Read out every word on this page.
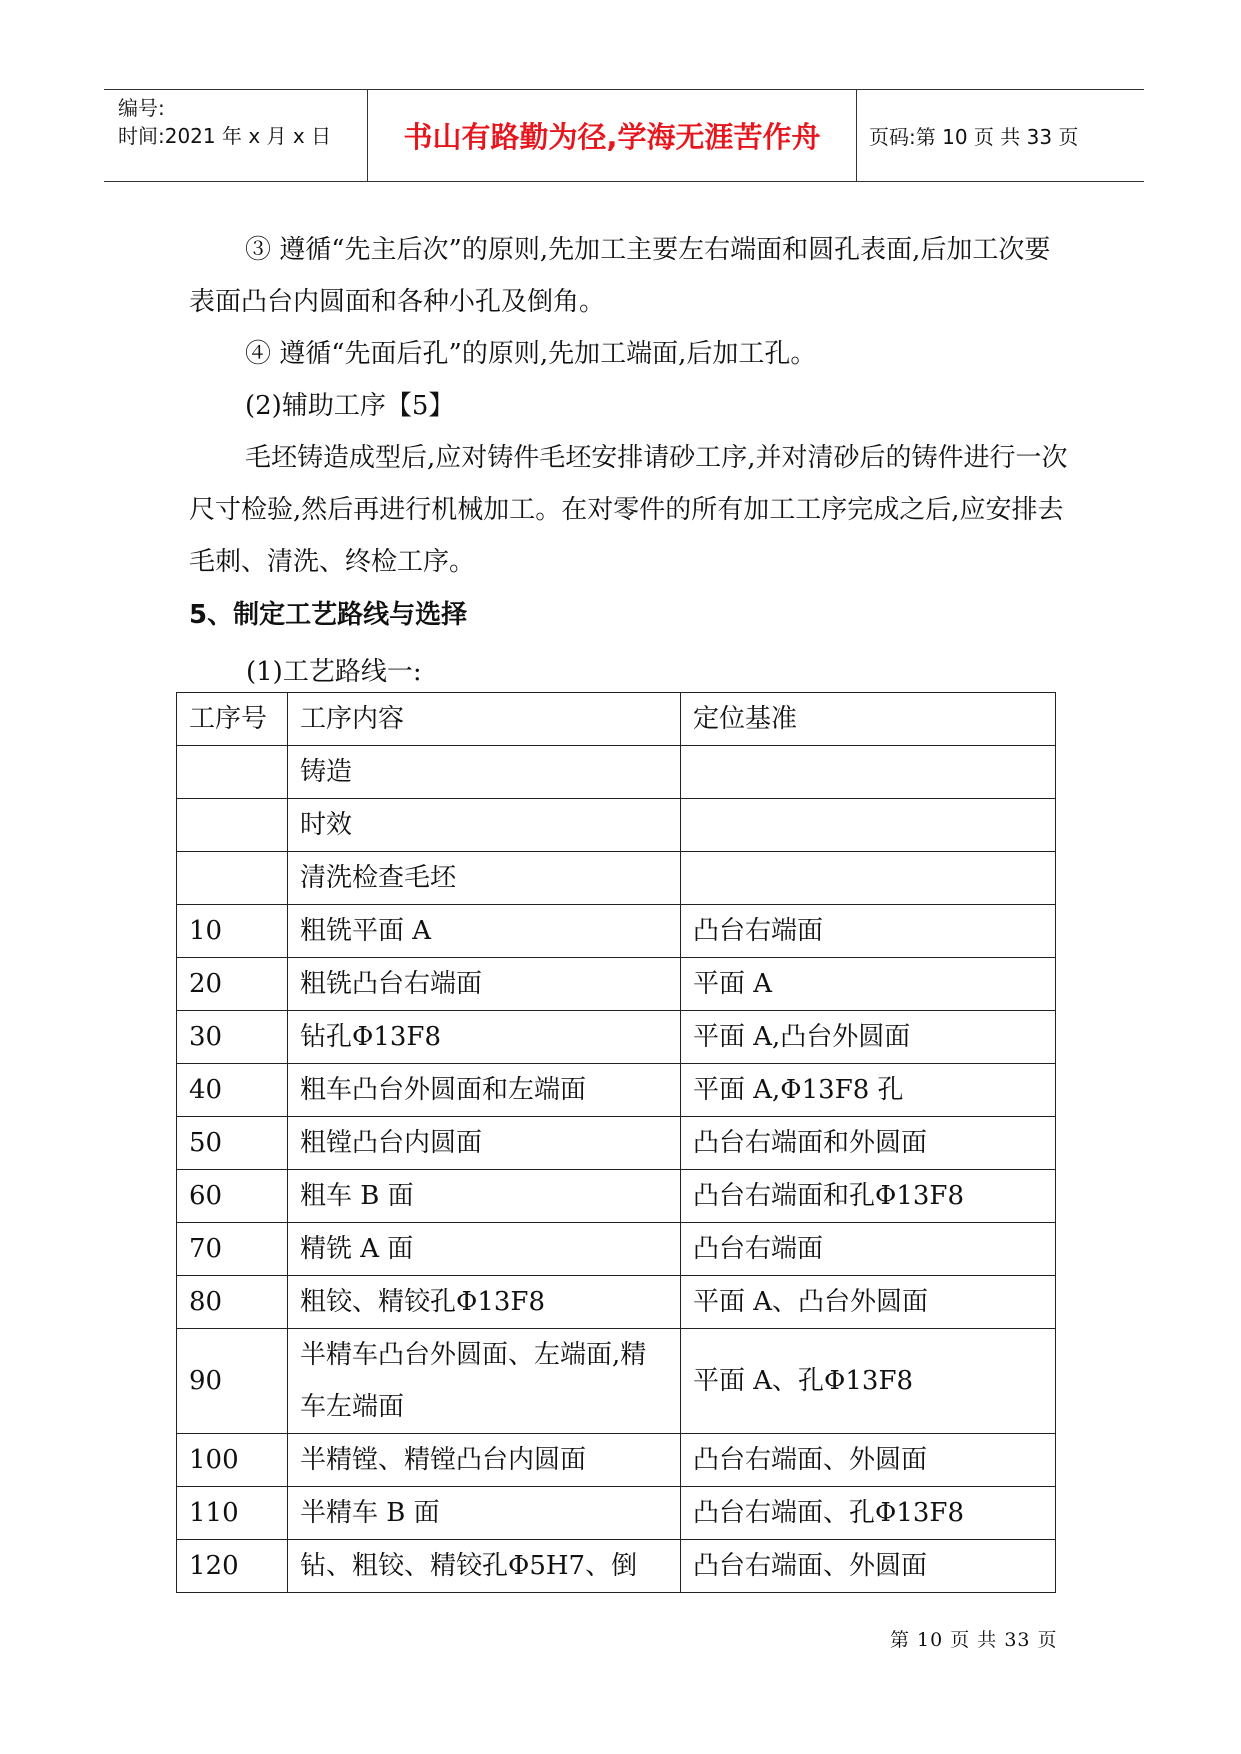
编号:
时间:2021 年 x 月 x 日	书山有路勤为径,学海无涯苦作舟	页码:第 10 页 共 33 页

③ 遵循“先主后次”的原则,先加工主要左右端面和圆孔表面,后加工次要表面凸台内圆面和各种小孔及倒角。

④ 遵循“先面后孔”的原则,先加工端面,后加工孔。

(2)辅助工序【5】

毛坯铸造成型后,应对铸件毛坯安排请砂工序,并对清砂后的铸件进行一次尺寸检验,然后再进行机械加工。在对零件的所有加工工序完成之后,应安排去毛刺、清洗、终检工序。

5、制定工艺路线与选择

(1)工艺路线一:

工序号	工序内容	定位基准
	铸造	
	时效	
	清洗检查毛坯	
10	粗铣平面 A	凸台右端面
20	粗铣凸台右端面	平面 A
30	钻孔Φ13F8	平面 A,凸台外圆面
40	粗车凸台外圆面和左端面	平面 A,Φ13F8 孔
50	粗镗凸台内圆面	凸台右端面和外圆面
60	粗车 B 面	凸台右端面和孔Φ13F8
70	精铣 A 面	凸台右端面
80	粗铰、精铰孔Φ13F8	平面 A、凸台外圆面
90	半精车凸台外圆面、左端面,精车左端面	平面 A、孔Φ13F8
100	半精镗、精镗凸台内圆面	凸台右端面、外圆面
110	半精车 B 面	凸台右端面、孔Φ13F8
120	钻、粗铰、精铰孔Φ5H7、倒	凸台右端面、外圆面
第 10 页 共 33 页
